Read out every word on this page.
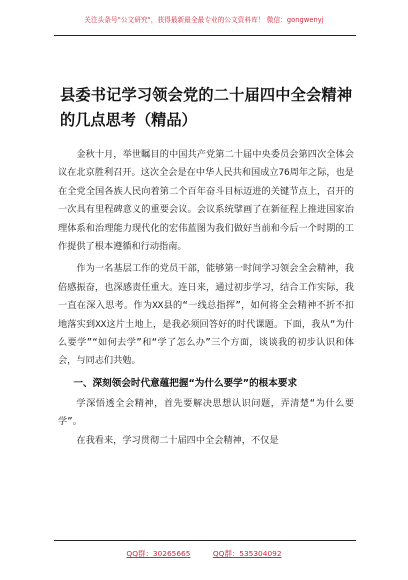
关注头条号"公文研究"，获得最新最全最专业的公文资料库！ 微信：gongwenyj
县委书记学习领会党的二十届四中全会精神的几点思考（精品）

金秋十月，举世瞩目的中国共产党第二十届中央委员会第四次全体会议在北京胜利召开。这次全会是在中华人民共和国成立76周年之际，也是在全党全国各族人民向着第二个百年奋斗目标迈进的关键节点上，召开的一次具有里程碑意义的重要会议。会议系统擘画了在新征程上推进国家治理体系和治理能力现代化的宏伟蓝图为我们做好当前和今后一个时期的工作提供了根本遵循和行动指南。

作为一名基层工作的党员干部，能够第一时间学习领会全会精神，我倍感振奋，也深感责任重大。连日来，通过初步学习，结合工作实际，我一直在深入思考。作为XX县的“一线总指挥”，如何将全会精神不折不扣地落实到XX这片土地上，是我必须回答好的时代课题。下面，我从“为什么要学”“如何去学”和“学了怎么办”三个方面，谈谈我的初步认识和体会，与同志们共勉。

一、深刻领会时代意蕴把握“为什么要学”的根本要求

学深悟透全会精神，首先要解决思想认识问题，弄清楚“为什么要学”。

在我看来，学习贯彻二十届四中全会精神，不仅是

QQ群：30265665	QQ群：535304092
